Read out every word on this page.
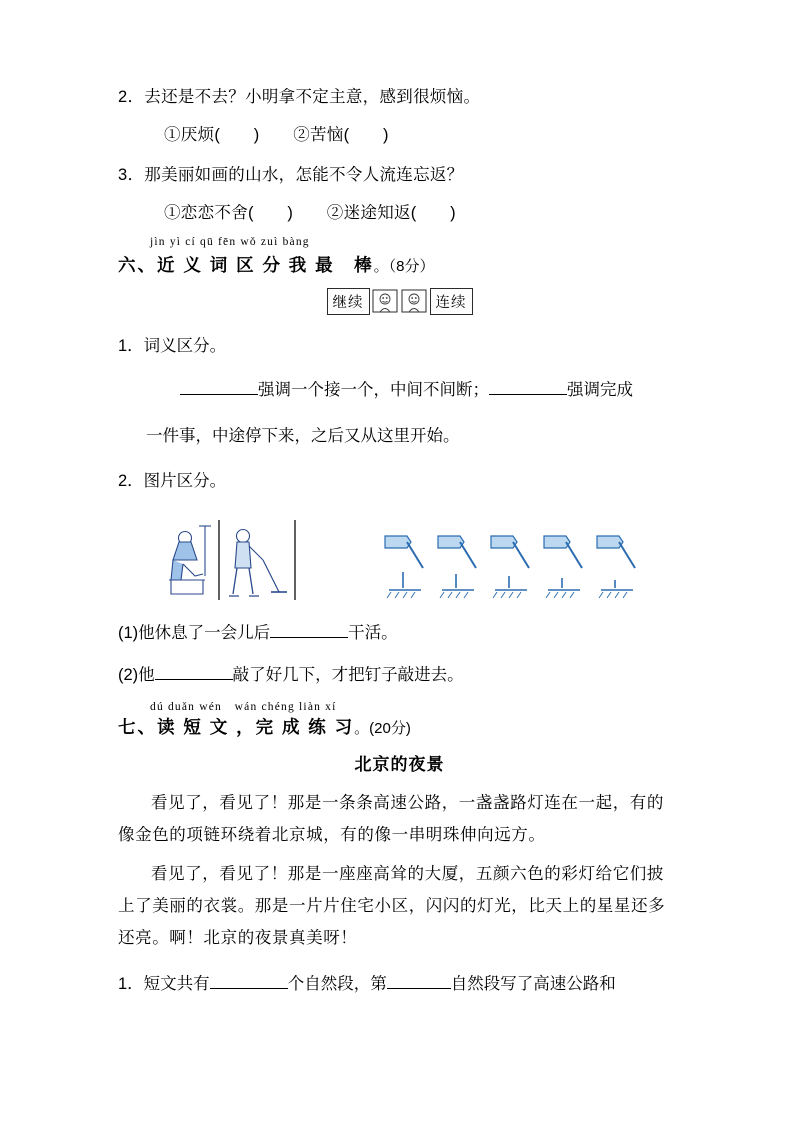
2．去还是不去？小明拿不定主意，感到很烦恼。

①厌烦(　　)　　②苦恼(　　)

3．那美丽如画的山水，怎能不令人流连忘返？

①恋恋不舍(　　)　　②迷途知返(　　)

jìn yì cí qū fēn wǒ zuì bàng
六、近 义 词 区 分 我 最　棒。（8分）
继续	连续

1．词义区分。

强调一个接一个，中间不间断；	强调完成

一件事，中途停下来，之后又从这里开始。

2．图片区分。

(1)他休息了一会儿后	干活。

(2)他	敲了好几下，才把钉子敲进去。

dú duǎn wén　wán chéng liàn xí
七、读 短 文 ，完 成 练 习。(20分)

北京的夜景

看见了，看见了！那是一条条高速公路，一盏盏路灯连在一起，有的像金色的项链环绕着北京城，有的像一串明珠伸向远方。

看见了，看见了！那是一座座高耸的大厦，五颜六色的彩灯给它们披上了美丽的衣裳。那是一片片住宅小区，闪闪的灯光，比天上的星星还多还亮。啊！北京的夜景真美呀！

1．短文共有	个自然段，第	自然段写了高速公路和
